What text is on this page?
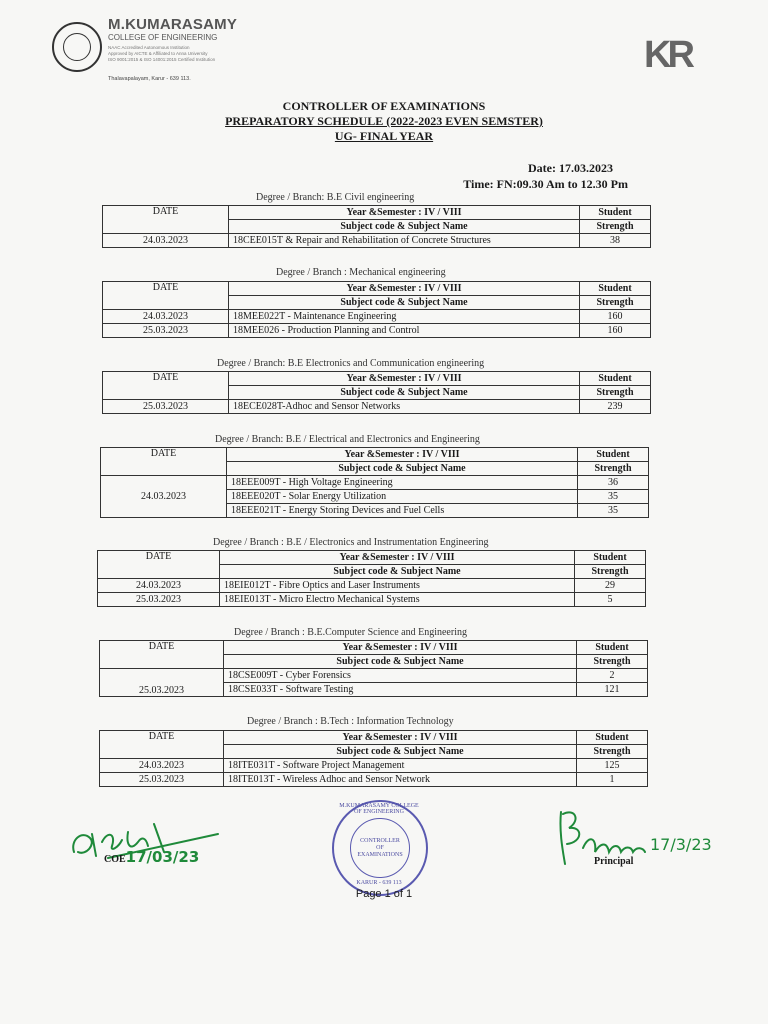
M.KUMARASAMY
COLLEGE OF ENGINEERING
NAAC Accredited Autonomous Institution
Approved by AICTE & Affiliated to Anna University
ISO 9001:2015 & ISO 14001:2015 Certified Institution
Thalavapalayam, Karur - 639 113.
KR
CONTROLLER OF EXAMINATIONS
PREPARATORY SCHEDULE (2022-2023 EVEN SEMSTER)
UG- FINAL YEAR
Date: 17.03.2023
Time: FN:09.30 Am to 12.30 Pm
Degree / Branch: B.E Civil engineering
DATE	Year &Semester : IV / VIII	Student
	Subject code & Subject Name	Strength
24.03.2023	18CEE015T & Repair and Rehabilitation of Concrete Structures	38
Degree / Branch : Mechanical engineering
DATE	Year &Semester : IV / VIII	Student
	Subject code & Subject Name	Strength
24.03.2023	18MEE022T - Maintenance Engineering	160
25.03.2023	18MEE026 - Production Planning and Control	160
Degree / Branch: B.E Electronics and Communication engineering
DATE	Year &Semester : IV / VIII	Student
	Subject code & Subject Name	Strength
25.03.2023	18ECE028T-Adhoc and Sensor Networks	239
Degree / Branch: B.E / Electrical and Electronics and Engineering
DATE	Year &Semester : IV / VIII	Student
	Subject code & Subject Name	Strength
24.03.2023	18EEE009T - High Voltage Engineering	36
	18EEE020T - Solar Energy Utilization	35
	18EEE021T - Energy Storing Devices and Fuel Cells	35
Degree / Branch : B.E / Electronics and Instrumentation Engineering
DATE	Year &Semester : IV / VIII	Student
	Subject code & Subject Name	Strength
24.03.2023	18EIE012T - Fibre Optics and Laser Instruments	29
25.03.2023	18EIE013T - Micro Electro Mechanical Systems	5
Degree / Branch : B.E.Computer Science and Engineering
DATE	Year &Semester : IV / VIII	Student
	Subject code & Subject Name	Strength
25.03.2023	18CSE009T - Cyber Forensics	2
	18CSE033T - Software Testing	121
Degree / Branch : B.Tech : Information Technology
DATE	Year &Semester : IV / VIII	Student
	Subject code & Subject Name	Strength
24.03.2023	18ITE031T - Software Project Management	125
25.03.2023	18ITE013T - Wireless Adhoc and Sensor Network	1
COE17/03/23
CONTROLLER
OF
EXAMINATIONS
M.KUMARASAMY COLLEGE OF ENGINEERING
KARUR - 639 113
Principal
17/3/23
Page 1 of 1
